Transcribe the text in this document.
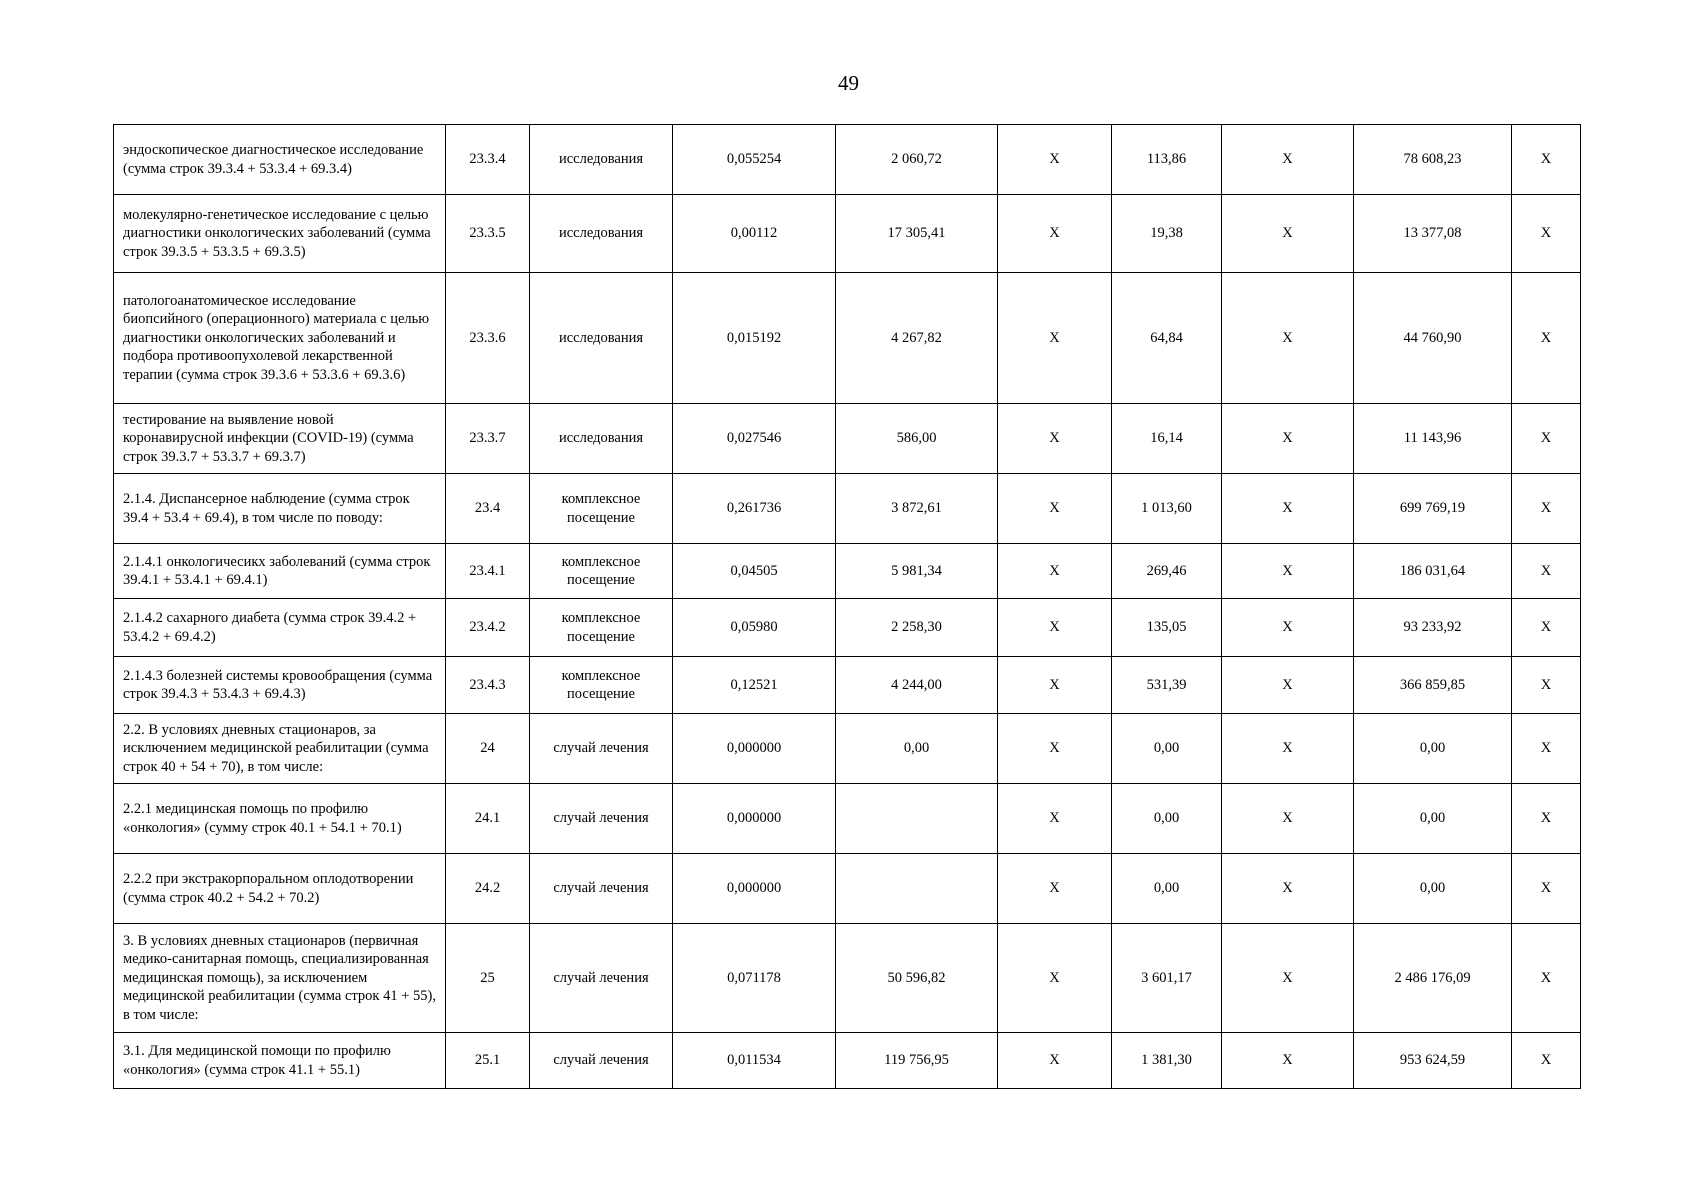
49
эндоскопическое диагностическое исследование (сумма строк 39.3.4 + 53.3.4 + 69.3.4)	23.3.4	исследования	0,055254	2 060,72	Х	113,86	Х	78 608,23	Х
молекулярно-генетическое исследование с целью диагностики онкологических заболеваний (сумма строк 39.3.5 + 53.3.5 + 69.3.5)	23.3.5	исследования	0,00112	17 305,41	Х	19,38	Х	13 377,08	Х
патологоанатомическое исследование биопсийного (операционного) материала с целью диагностики онкологических заболеваний и подбора противоопухолевой лекарственной терапии (сумма строк 39.3.6 + 53.3.6 + 69.3.6)	23.3.6	исследования	0,015192	4 267,82	Х	64,84	Х	44 760,90	Х
тестирование на выявление новой коронавирусной инфекции (COVID-19) (сумма строк 39.3.7 + 53.3.7 + 69.3.7)	23.3.7	исследования	0,027546	586,00	Х	16,14	Х	11 143,96	Х
2.1.4. Диспансерное наблюдение (сумма строк 39.4 + 53.4 + 69.4), в том числе по поводу:	23.4	комплексное посещение	0,261736	3 872,61	Х	1 013,60	Х	699 769,19	Х
2.1.4.1 онкологичесикх заболеваний (сумма строк 39.4.1 + 53.4.1 + 69.4.1)	23.4.1	комплексное посещение	0,04505	5 981,34	Х	269,46	Х	186 031,64	Х
2.1.4.2 сахарного диабета (сумма строк 39.4.2 + 53.4.2 + 69.4.2)	23.4.2	комплексное посещение	0,05980	2 258,30	Х	135,05	Х	93 233,92	Х
2.1.4.3 болезней системы кровообращения (сумма строк 39.4.3 + 53.4.3 + 69.4.3)	23.4.3	комплексное посещение	0,12521	4 244,00	Х	531,39	Х	366 859,85	Х
2.2. В условиях дневных стационаров, за исключением медицинской реабилитации (сумма строк 40 + 54 + 70), в том числе:	24	случай лечения	0,000000	0,00	Х	0,00	Х	0,00	Х
2.2.1 медицинская помощь по профилю «онкология» (сумму строк 40.1 + 54.1 + 70.1)	24.1	случай лечения	0,000000		Х	0,00	Х	0,00	Х
2.2.2 при экстракорпоральном оплодотворении (сумма строк 40.2 + 54.2 + 70.2)	24.2	случай лечения	0,000000		Х	0,00	Х	0,00	Х
3. В условиях дневных стационаров (первичная медико-санитарная помощь, специализированная медицинская помощь), за исключением медицинской реабилитации (сумма строк 41 + 55), в том числе:	25	случай лечения	0,071178	50 596,82	Х	3 601,17	Х	2 486 176,09	Х
3.1. Для медицинской помощи по профилю «онкология» (сумма строк 41.1 + 55.1)	25.1	случай лечения	0,011534	119 756,95	Х	1 381,30	Х	953 624,59	Х
